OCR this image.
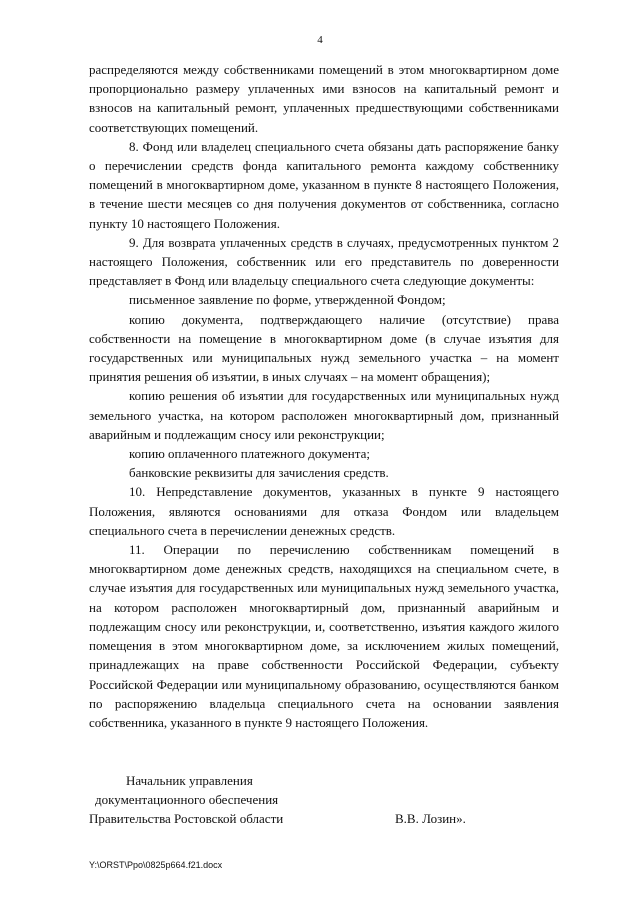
4

распределяются между собственниками помещений в этом многоквартирном доме пропорционально размеру уплаченных ими взносов на капитальный ремонт и взносов на капитальный ремонт, уплаченных предшествующими собственниками соответствующих помещений.

8. Фонд или владелец специального счета обязаны дать распоряжение банку о перечислении средств фонда капитального ремонта каждому собственнику помещений в многоквартирном доме, указанном в пункте 8 настоящего Положения, в течение шести месяцев со дня получения документов от собственника, согласно пункту 10 настоящего Положения.

9. Для возврата уплаченных средств в случаях, предусмотренных пунктом 2 настоящего Положения, собственник или его представитель по доверенности представляет в Фонд или владельцу специального счета следующие документы:

письменное заявление по форме, утвержденной Фондом;

копию документа, подтверждающего наличие (отсутствие) права собственности на помещение в многоквартирном доме (в случае изъятия для государственных или муниципальных нужд земельного участка – на момент принятия решения об изъятии, в иных случаях – на момент обращения);

копию решения об изъятии для государственных или муниципальных нужд земельного участка, на котором расположен многоквартирный дом, признанный аварийным и подлежащим сносу или реконструкции;

копию оплаченного платежного документа;

банковские реквизиты для зачисления средств.

10. Непредставление документов, указанных в пункте 9 настоящего Положения, являются основаниями для отказа Фондом или владельцем специального счета в перечислении денежных средств.

11. Операции по перечислению собственникам помещений в многоквартирном доме денежных средств, находящихся на специальном счете, в случае изъятия для государственных или муниципальных нужд земельного участка, на котором расположен многоквартирный дом, признанный аварийным и подлежащим сносу или реконструкции, и, соответственно, изъятия каждого жилого помещения в этом многоквартирном доме, за исключением жилых помещений, принадлежащих на праве собственности Российской Федерации, субъекту Российской Федерации или муниципальному образованию, осуществляются банком по распоряжению владельца специального счета на основании заявления собственника, указанного в пункте 9 настоящего Положения.

Начальник управления
документационного обеспечения
Правительства Ростовской области	В.В. Лозин».
Y:\ORST\Ppo\0825p664.f21.docx
